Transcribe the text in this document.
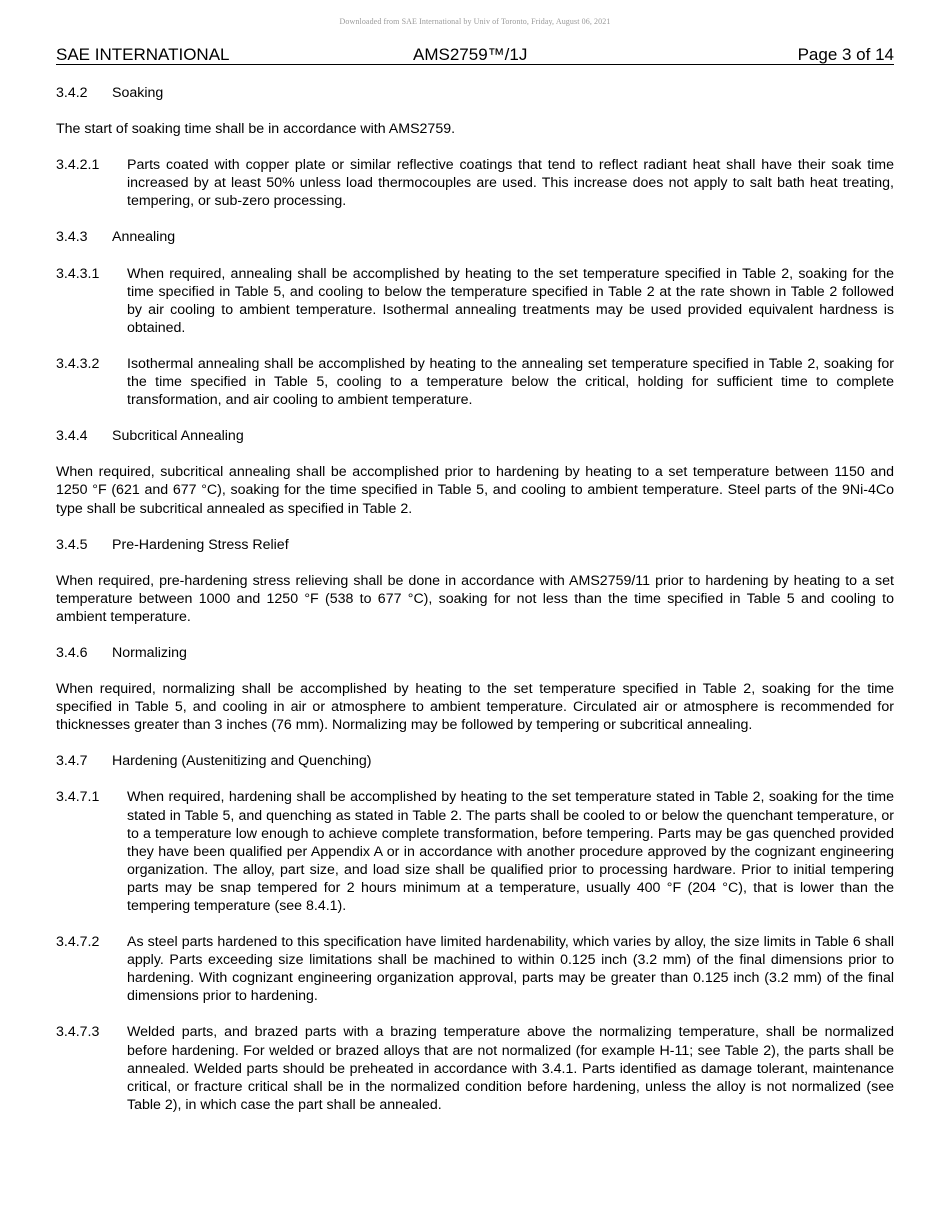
Downloaded from SAE International by Univ of Toronto, Friday, August 06, 2021
SAE INTERNATIONAL	AMS2759™/1J	Page 3 of 14
3.4.2 Soaking
The start of soaking time shall be in accordance with AMS2759.
3.4.2.1 Parts coated with copper plate or similar reflective coatings that tend to reflect radiant heat shall have their soak time increased by at least 50% unless load thermocouples are used. This increase does not apply to salt bath heat treating, tempering, or sub-zero processing.
3.4.3 Annealing
3.4.3.1 When required, annealing shall be accomplished by heating to the set temperature specified in Table 2, soaking for the time specified in Table 5, and cooling to below the temperature specified in Table 2 at the rate shown in Table 2 followed by air cooling to ambient temperature. Isothermal annealing treatments may be used provided equivalent hardness is obtained.
3.4.3.2 Isothermal annealing shall be accomplished by heating to the annealing set temperature specified in Table 2, soaking for the time specified in Table 5, cooling to a temperature below the critical, holding for sufficient time to complete transformation, and air cooling to ambient temperature.
3.4.4 Subcritical Annealing
When required, subcritical annealing shall be accomplished prior to hardening by heating to a set temperature between 1150 and 1250 °F (621 and 677 °C), soaking for the time specified in Table 5, and cooling to ambient temperature. Steel parts of the 9Ni-4Co type shall be subcritical annealed as specified in Table 2.
3.4.5 Pre-Hardening Stress Relief
When required, pre-hardening stress relieving shall be done in accordance with AMS2759/11 prior to hardening by heating to a set temperature between 1000 and 1250 °F (538 to 677 °C), soaking for not less than the time specified in Table 5 and cooling to ambient temperature.
3.4.6 Normalizing
When required, normalizing shall be accomplished by heating to the set temperature specified in Table 2, soaking for the time specified in Table 5, and cooling in air or atmosphere to ambient temperature. Circulated air or atmosphere is recommended for thicknesses greater than 3 inches (76 mm). Normalizing may be followed by tempering or subcritical annealing.
3.4.7 Hardening (Austenitizing and Quenching)
3.4.7.1 When required, hardening shall be accomplished by heating to the set temperature stated in Table 2, soaking for the time stated in Table 5, and quenching as stated in Table 2. The parts shall be cooled to or below the quenchant temperature, or to a temperature low enough to achieve complete transformation, before tempering. Parts may be gas quenched provided they have been qualified per Appendix A or in accordance with another procedure approved by the cognizant engineering organization. The alloy, part size, and load size shall be qualified prior to processing hardware. Prior to initial tempering parts may be snap tempered for 2 hours minimum at a temperature, usually 400 °F (204 °C), that is lower than the tempering temperature (see 8.4.1).
3.4.7.2 As steel parts hardened to this specification have limited hardenability, which varies by alloy, the size limits in Table 6 shall apply. Parts exceeding size limitations shall be machined to within 0.125 inch (3.2 mm) of the final dimensions prior to hardening. With cognizant engineering organization approval, parts may be greater than 0.125 inch (3.2 mm) of the final dimensions prior to hardening.
3.4.7.3 Welded parts, and brazed parts with a brazing temperature above the normalizing temperature, shall be normalized before hardening. For welded or brazed alloys that are not normalized (for example H-11; see Table 2), the parts shall be annealed. Welded parts should be preheated in accordance with 3.4.1. Parts identified as damage tolerant, maintenance critical, or fracture critical shall be in the normalized condition before hardening, unless the alloy is not normalized (see Table 2), in which case the part shall be annealed.
